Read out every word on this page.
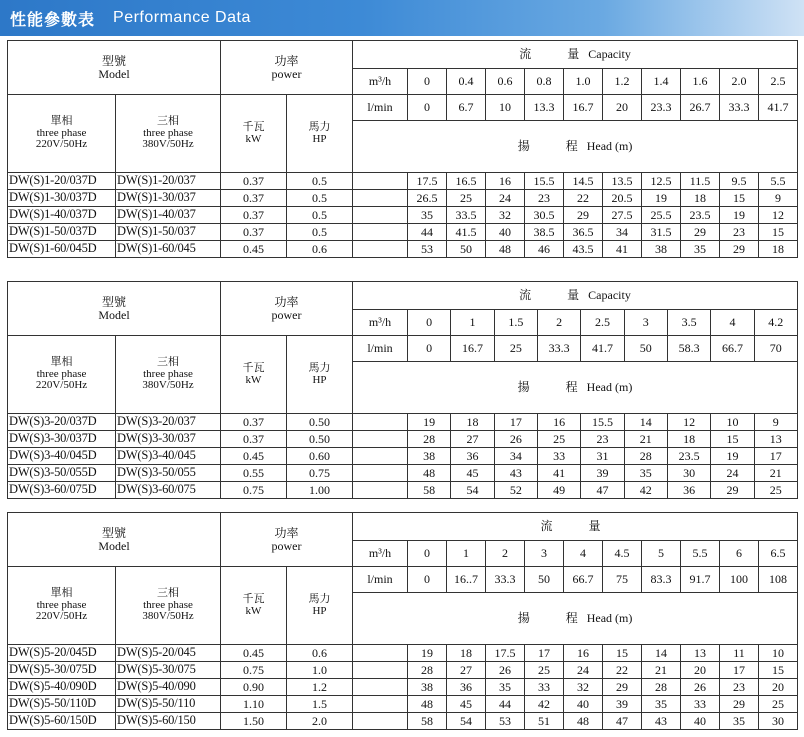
性能參數表 Performance Data
型號
Model		功率
power		流 量 Capacity										
				m³/h	0	0.4	0.6	0.8	1.0	1.2	1.4	1.6	2.0	2.5
單相
three phase
220V/50Hz	三相
three phase
380V/50Hz	千瓦
kW	馬力
HP	l/min	0	6.7	10	13.3	16.7	20	23.3	26.7	33.3	41.7
				揚 程 Head (m)										
DW(S)1-20/037D	DW(S)1-20/037	0.37	0.5		17.5	16.5	16	15.5	14.5	13.5	12.5	11.5	9.5	5.5
DW(S)1-30/037D	DW(S)1-30/037	0.37	0.5		26.5	25	24	23	22	20.5	19	18	15	9
DW(S)1-40/037D	DW(S)1-40/037	0.37	0.5		35	33.5	32	30.5	29	27.5	25.5	23.5	19	12
DW(S)1-50/037D	DW(S)1-50/037	0.37	0.5		44	41.5	40	38.5	36.5	34	31.5	29	23	15
DW(S)1-60/045D	DW(S)1-60/045	0.45	0.6		53	50	48	46	43.5	41	38	35	29	18
型號
Model		功率
power		流 量 Capacity									
				m³/h	0	1	1.5	2	2.5	3	3.5	4	4.2
單相
three phase
220V/50Hz	三相
three phase
380V/50Hz	千瓦
kW	馬力
HP	l/min	0	16.7	25	33.3	41.7	50	58.3	66.7	70
				揚 程 Head (m)									
DW(S)3-20/037D	DW(S)3-20/037	0.37	0.50		19	18	17	16	15.5	14	12	10	9
DW(S)3-30/037D	DW(S)3-30/037	0.37	0.50		28	27	26	25	23	21	18	15	13
DW(S)3-40/045D	DW(S)3-40/045	0.45	0.60		38	36	34	33	31	28	23.5	19	17
DW(S)3-50/055D	DW(S)3-50/055	0.55	0.75		48	45	43	41	39	35	30	24	21
DW(S)3-60/075D	DW(S)3-60/075	0.75	1.00		58	54	52	49	47	42	36	29	25
型號
Model		功率
power		流 量										
				m³/h	0	1	2	3	4	4.5	5	5.5	6	6.5
單相
three phase
220V/50Hz	三相
three phase
380V/50Hz	千瓦
kW	馬力
HP	l/min	0	16..7	33.3	50	66.7	75	83.3	91.7	100	108
				揚 程 Head (m)										
DW(S)5-20/045D	DW(S)5-20/045	0.45	0.6		19	18	17.5	17	16	15	14	13	11	10
DW(S)5-30/075D	DW(S)5-30/075	0.75	1.0		28	27	26	25	24	22	21	20	17	15
DW(S)5-40/090D	DW(S)5-40/090	0.90	1.2		38	36	35	33	32	29	28	26	23	20
DW(S)5-50/110D	DW(S)5-50/110	1.10	1.5		48	45	44	42	40	39	35	33	29	25
DW(S)5-60/150D	DW(S)5-60/150	1.50	2.0		58	54	53	51	48	47	43	40	35	30
